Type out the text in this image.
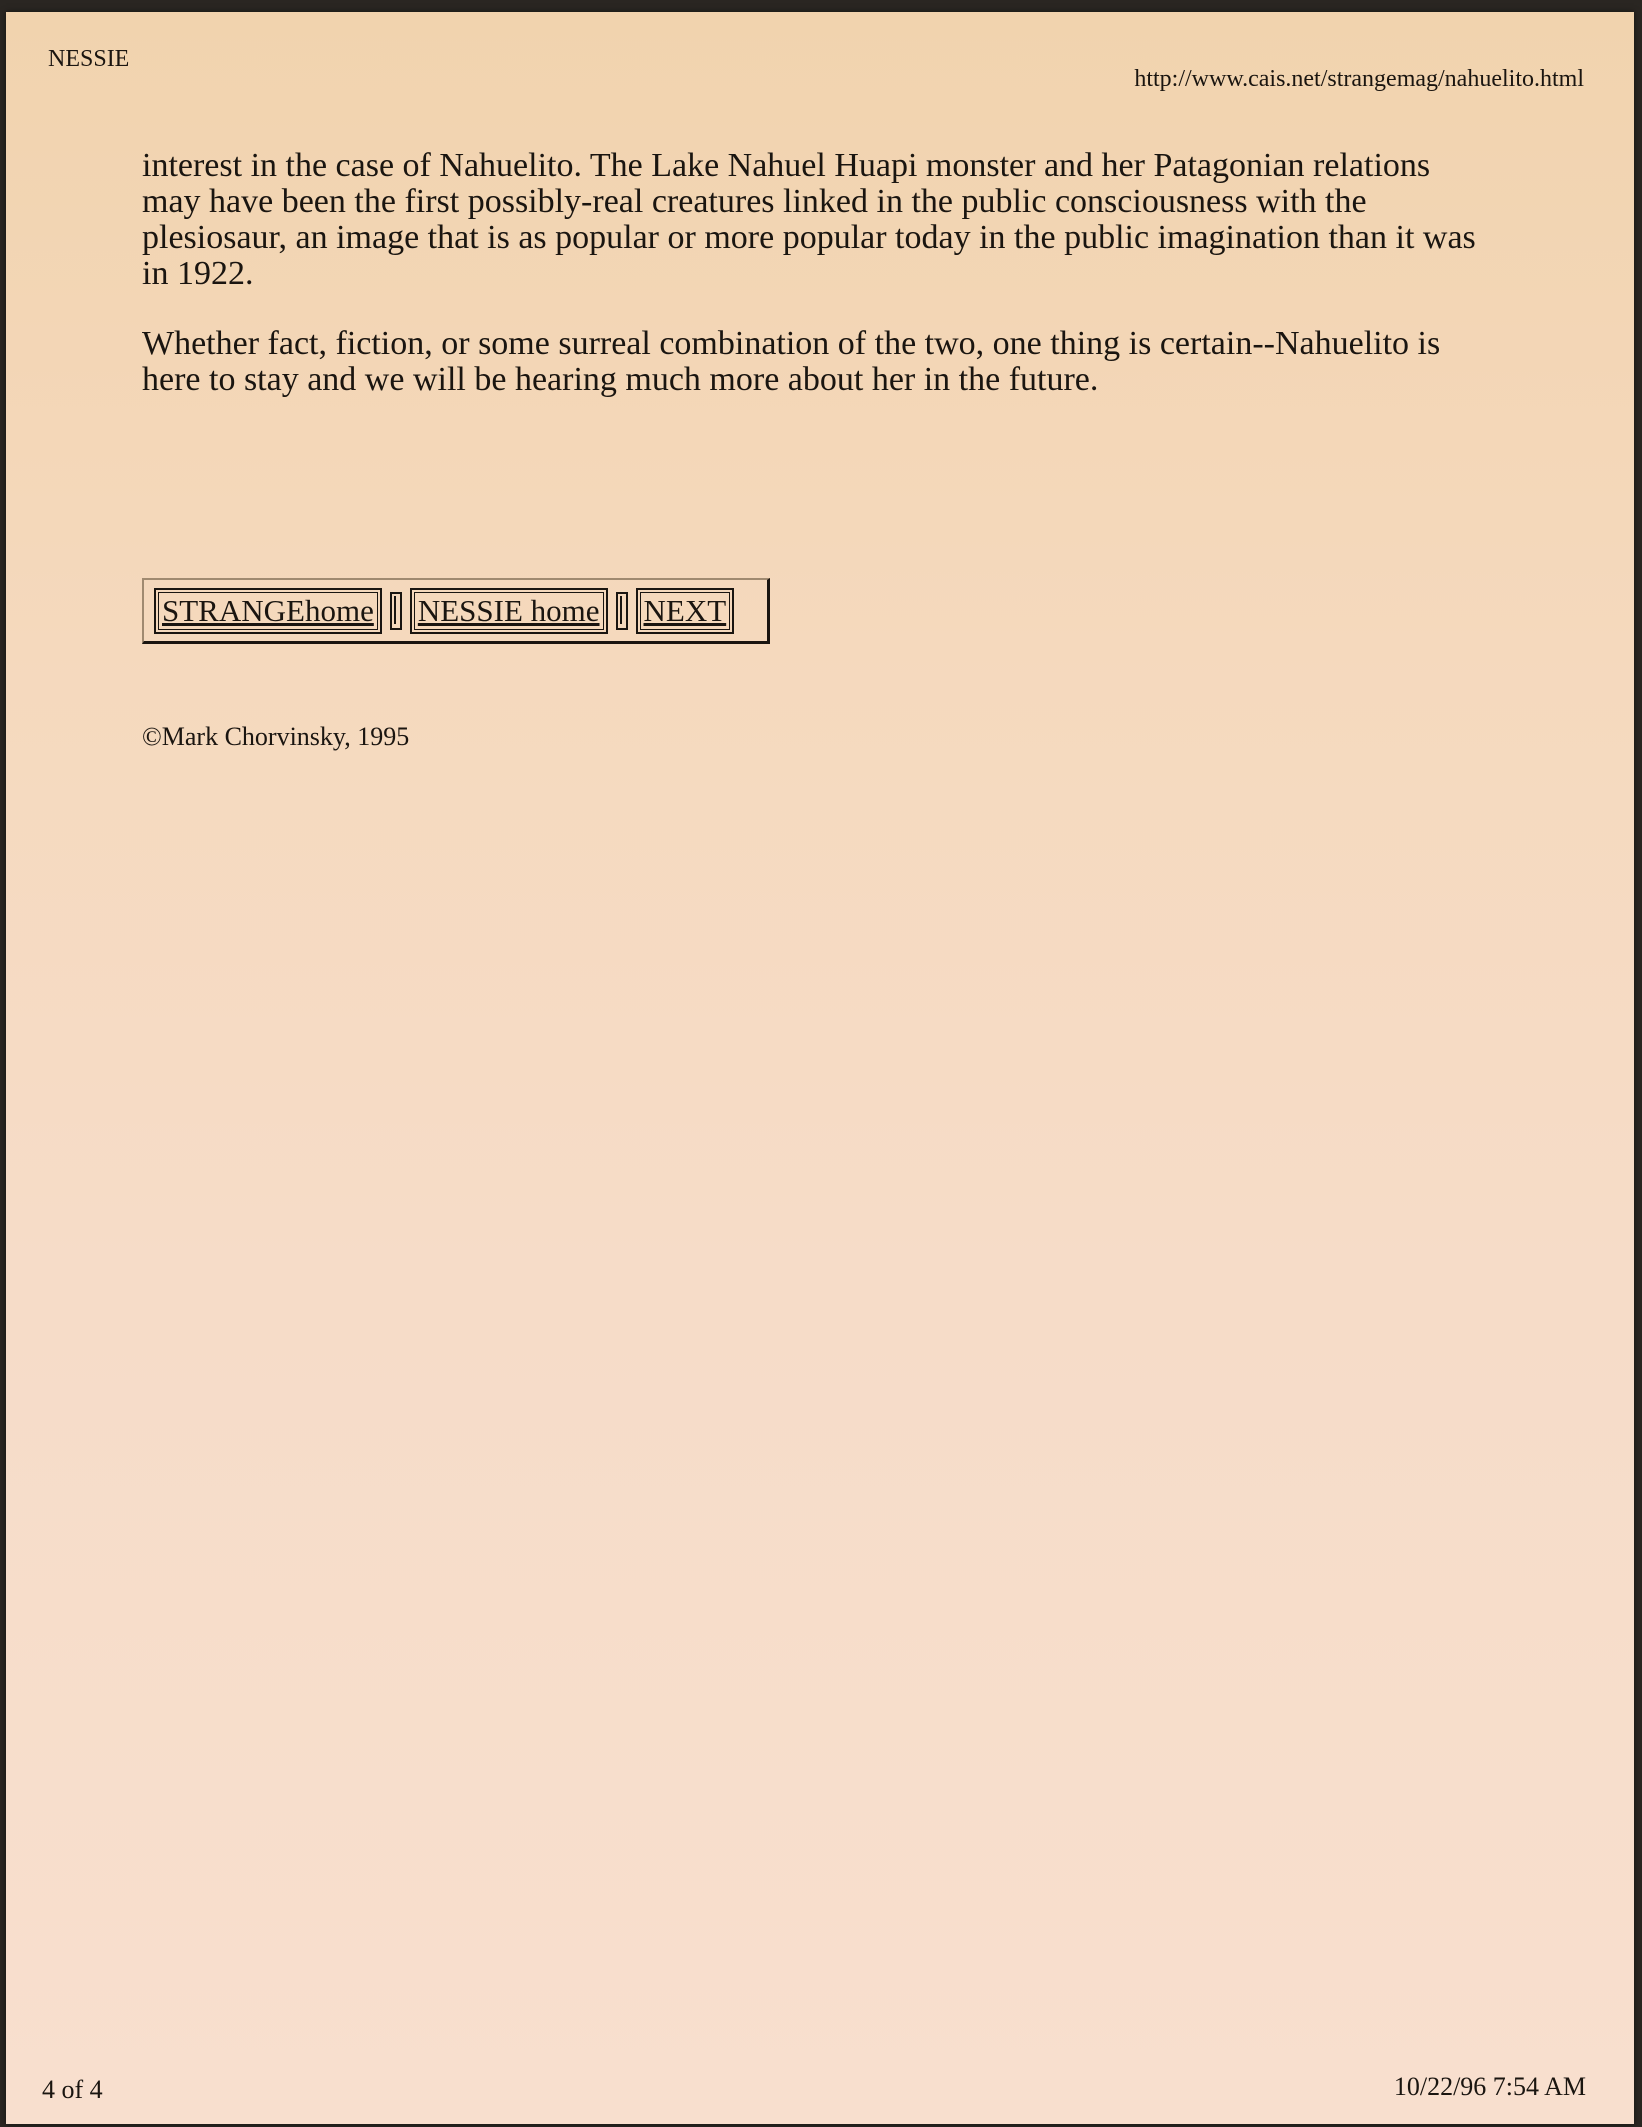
NESSIE
http://www.cais.net/strangemag/nahuelito.html

interest in the case of Nahuelito. The Lake Nahuel Huapi monster and her Patagonian relations may have been the first possibly-real creatures linked in the public consciousness with the plesiosaur, an image that is as popular or more popular today in the public imagination than it was in 1922.

Whether fact, fiction, or some surreal combination of the two, one thing is certain--Nahuelito is here to stay and we will be hearing much more about her in the future.

STRANGEhome NESSIE home NEXT
©Mark Chorvinsky, 1995
4 of 4	10/22/96 7:54 AM
